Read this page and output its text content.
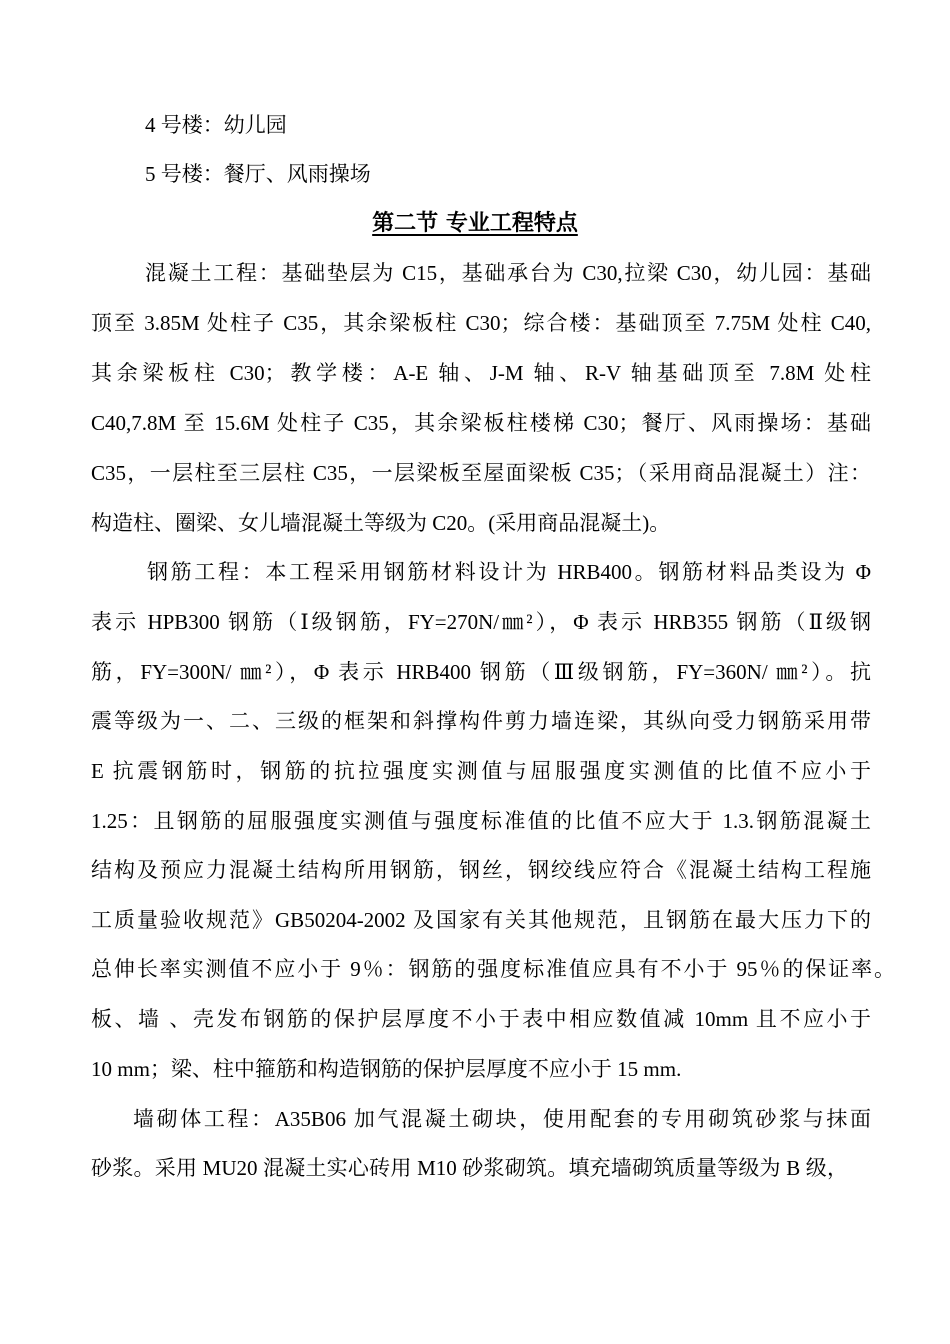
4 号楼：幼儿园
5 号楼：餐厅、风雨操场
第二节 专业工程特点
混凝土工程：基础垫层为 C15，基础承台为 C30,拉梁 C30，幼儿园：基础
顶至 3.85M 处柱子 C35，其余梁板柱 C30；综合楼：基础顶至 7.75M 处柱 C40,
其余梁板柱 C30；教学楼：A-E 轴、J-M 轴、R-V 轴基础顶至 7.8M 处柱
C40,7.8M 至 15.6M 处柱子 C35，其余梁板柱楼梯 C30；餐厅、风雨操场：基础
C35，一层柱至三层柱 C35，一层梁板至屋面梁板 C35；（采用商品混凝土）注：
构造柱、圈梁、女儿墙混凝土等级为 C20。(采用商品混凝土)。
钢筋工程：本工程采用钢筋材料设计为 HRB400。钢筋材料品类设为 Φ
表示 HPB300 钢筋（Ⅰ级钢筋，FY=270N/㎜²），Φ 表示 HRB355 钢筋（Ⅱ级钢
筋，FY=300N/ ㎜²），Φ 表示 HRB400 钢筋（Ⅲ级钢筋，FY=360N/ ㎜²）。抗
震等级为一、二、三级的框架和斜撑构件剪力墙连梁，其纵向受力钢筋采用带
E 抗震钢筋时，钢筋的抗拉强度实测值与屈服强度实测值的比值不应小于
1.25：且钢筋的屈服强度实测值与强度标准值的比值不应大于 1.3.钢筋混凝土
结构及预应力混凝土结构所用钢筋，钢丝，钢绞线应符合《混凝土结构工程施
工质量验收规范》GB50204-2002 及国家有关其他规范，且钢筋在最大压力下的
总伸长率实测值不应小于 9％：钢筋的强度标准值应具有不小于 95％的保证率。
板、墙 、壳发布钢筋的保护层厚度不小于表中相应数值减 10mm 且不应小于
10 mm；梁、柱中箍筋和构造钢筋的保护层厚度不应小于 15 mm.
墙砌体工程：A35B06 加气混凝土砌块，使用配套的专用砌筑砂浆与抹面
砂浆。采用 MU20 混凝土实心砖用 M10 砂浆砌筑。填充墙砌筑质量等级为 B 级，
